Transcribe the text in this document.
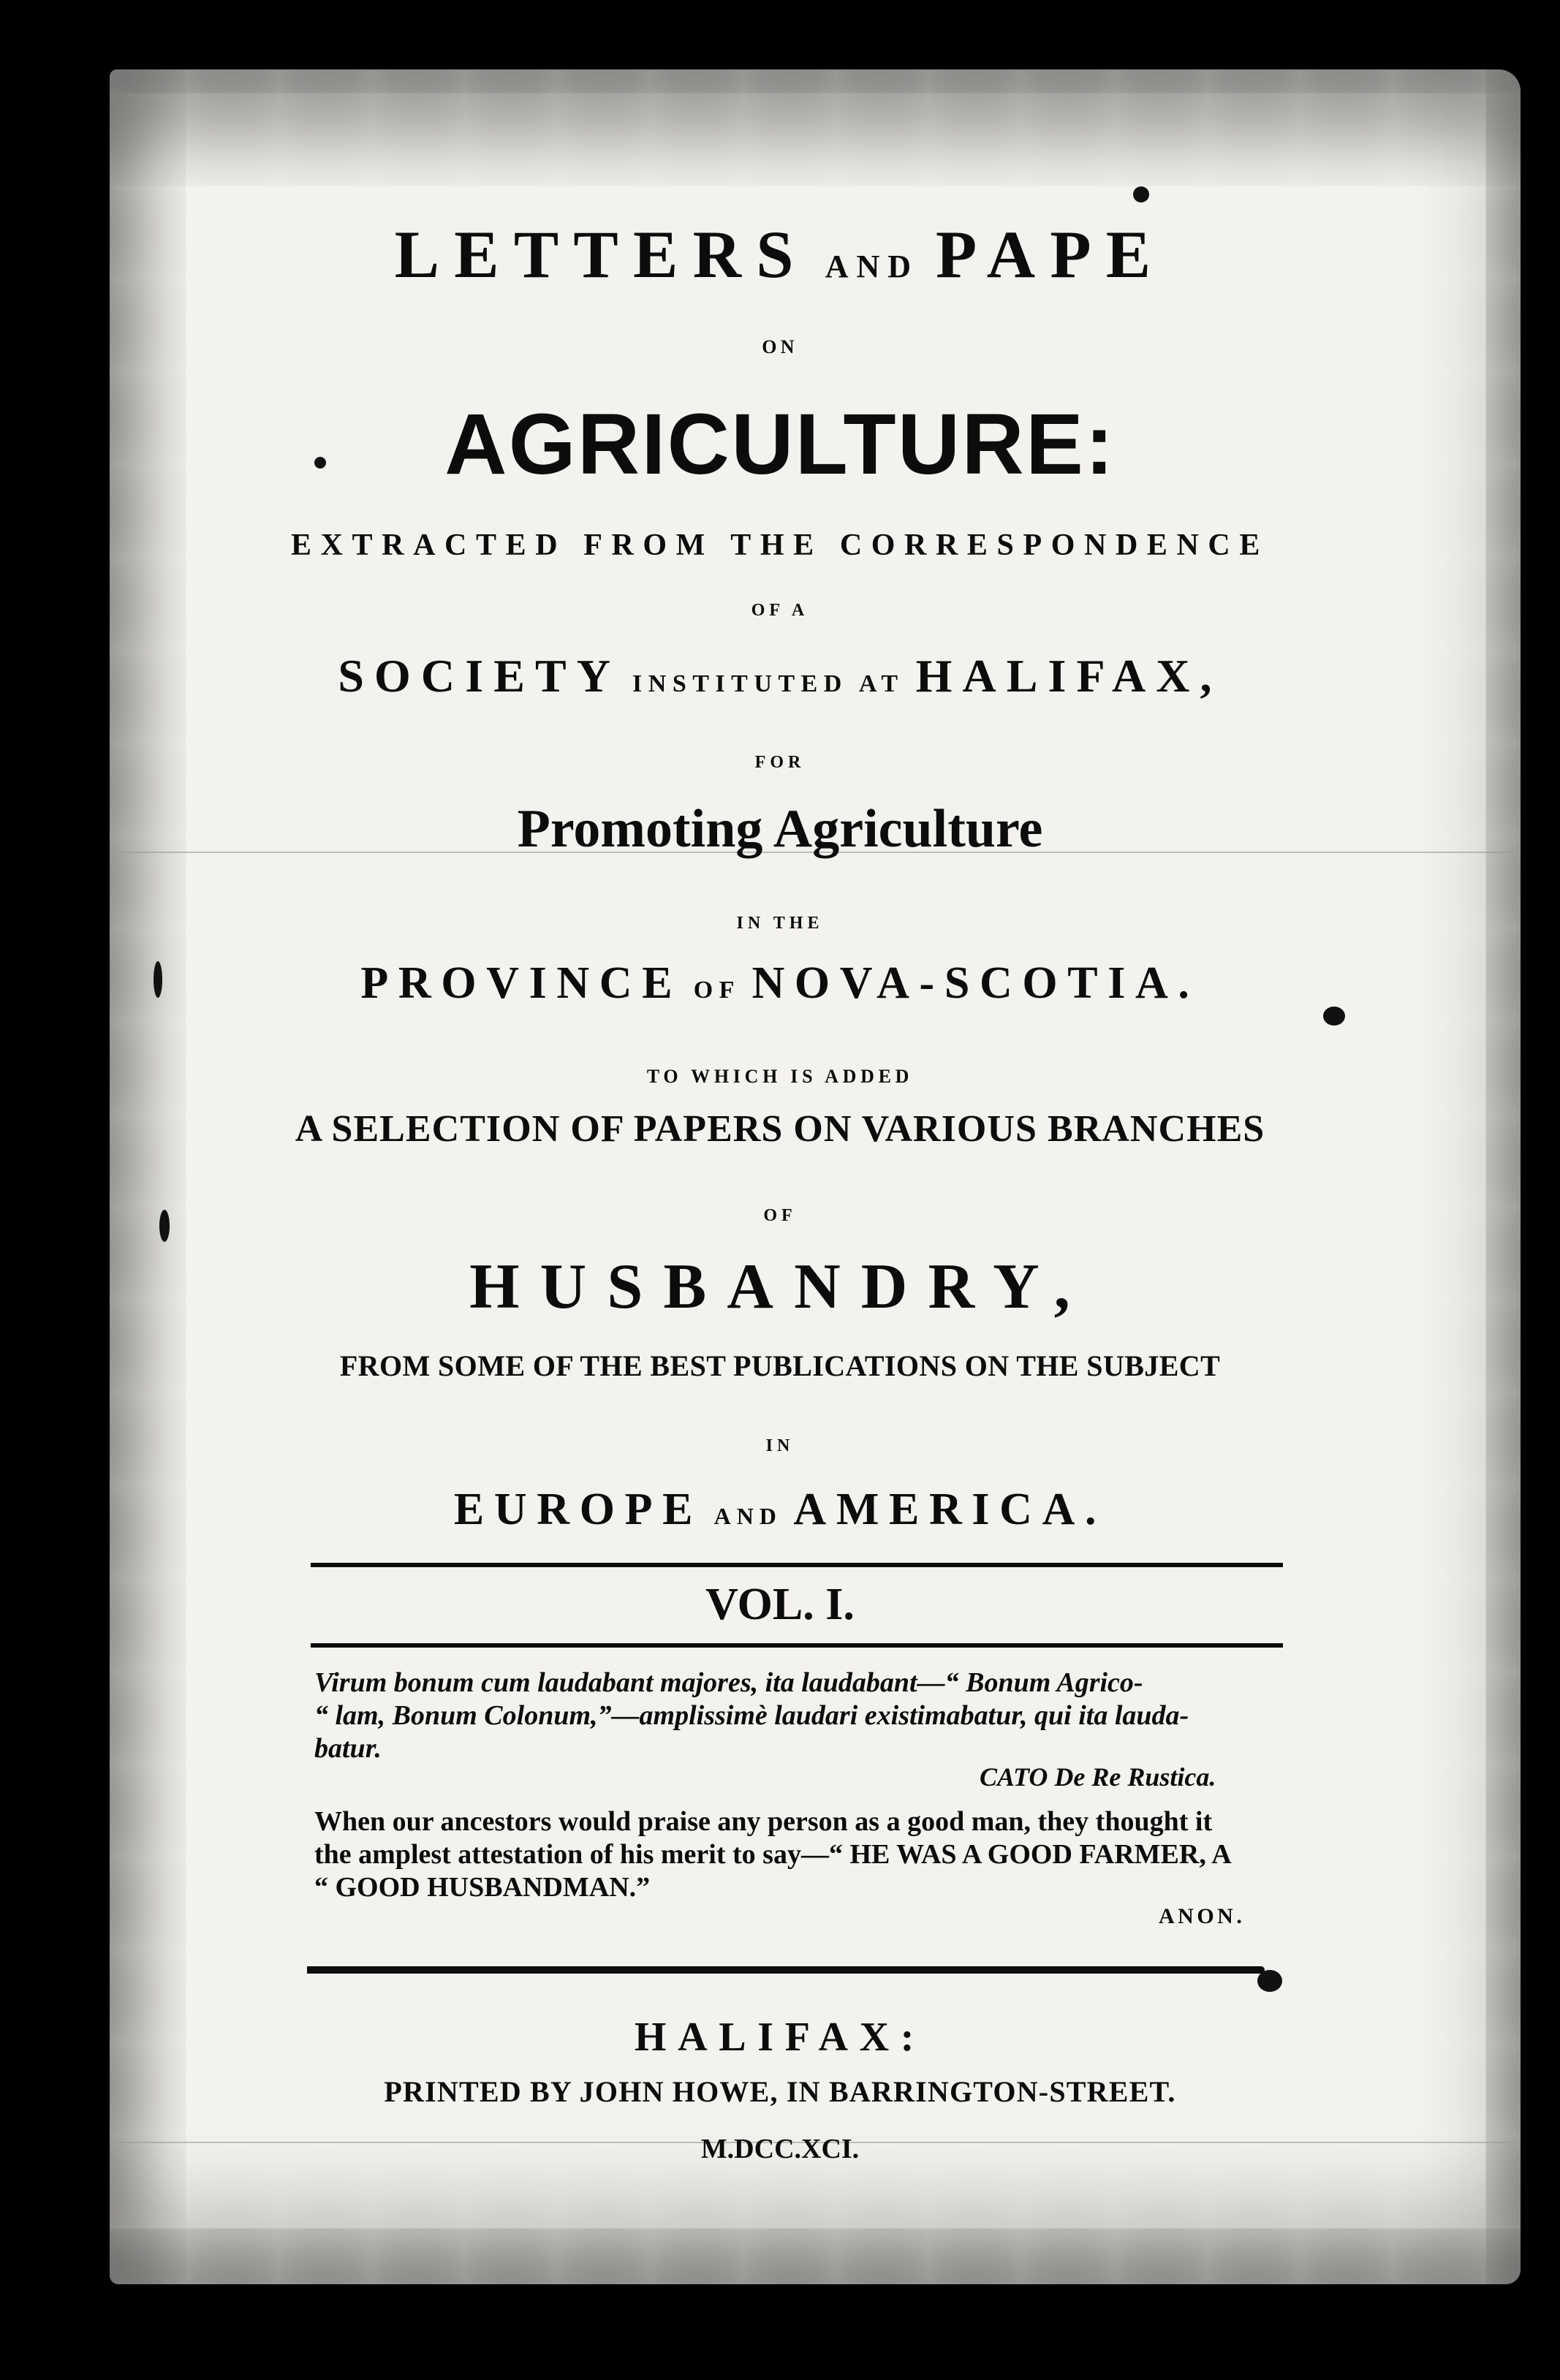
LETTERS AND PAPE
ON
AGRICULTURE:
EXTRACTED FROM THE CORRESPONDENCE
OF A
SOCIETY INSTITUTED AT HALIFAX,
FOR
Promoting Agriculture
IN THE
PROVINCE OF NOVA-SCOTIA.
TO WHICH IS ADDED
A SELECTION OF PAPERS ON VARIOUS BRANCHES
OF
HUSBANDRY,
FROM SOME OF THE BEST PUBLICATIONS ON THE SUBJECT
IN
EUROPE AND AMERICA.
VOL. I.
Virum bonum cum laudabant majores, ita laudabant—“ Bonum Agrico-
“ lam, Bonum Colonum,”—amplissimè laudari existimabatur, qui ita lauda-
batur.
CATO De Re Rustica.
When our ancestors would praise any person as a good man, they thought it
the amplest attestation of his merit to say—“ HE WAS A GOOD FARMER, A
“ GOOD HUSBANDMAN.”
ANON.
HALIFAX:
PRINTED BY JOHN HOWE, IN BARRINGTON-STREET.
M.DCC.XCI.
